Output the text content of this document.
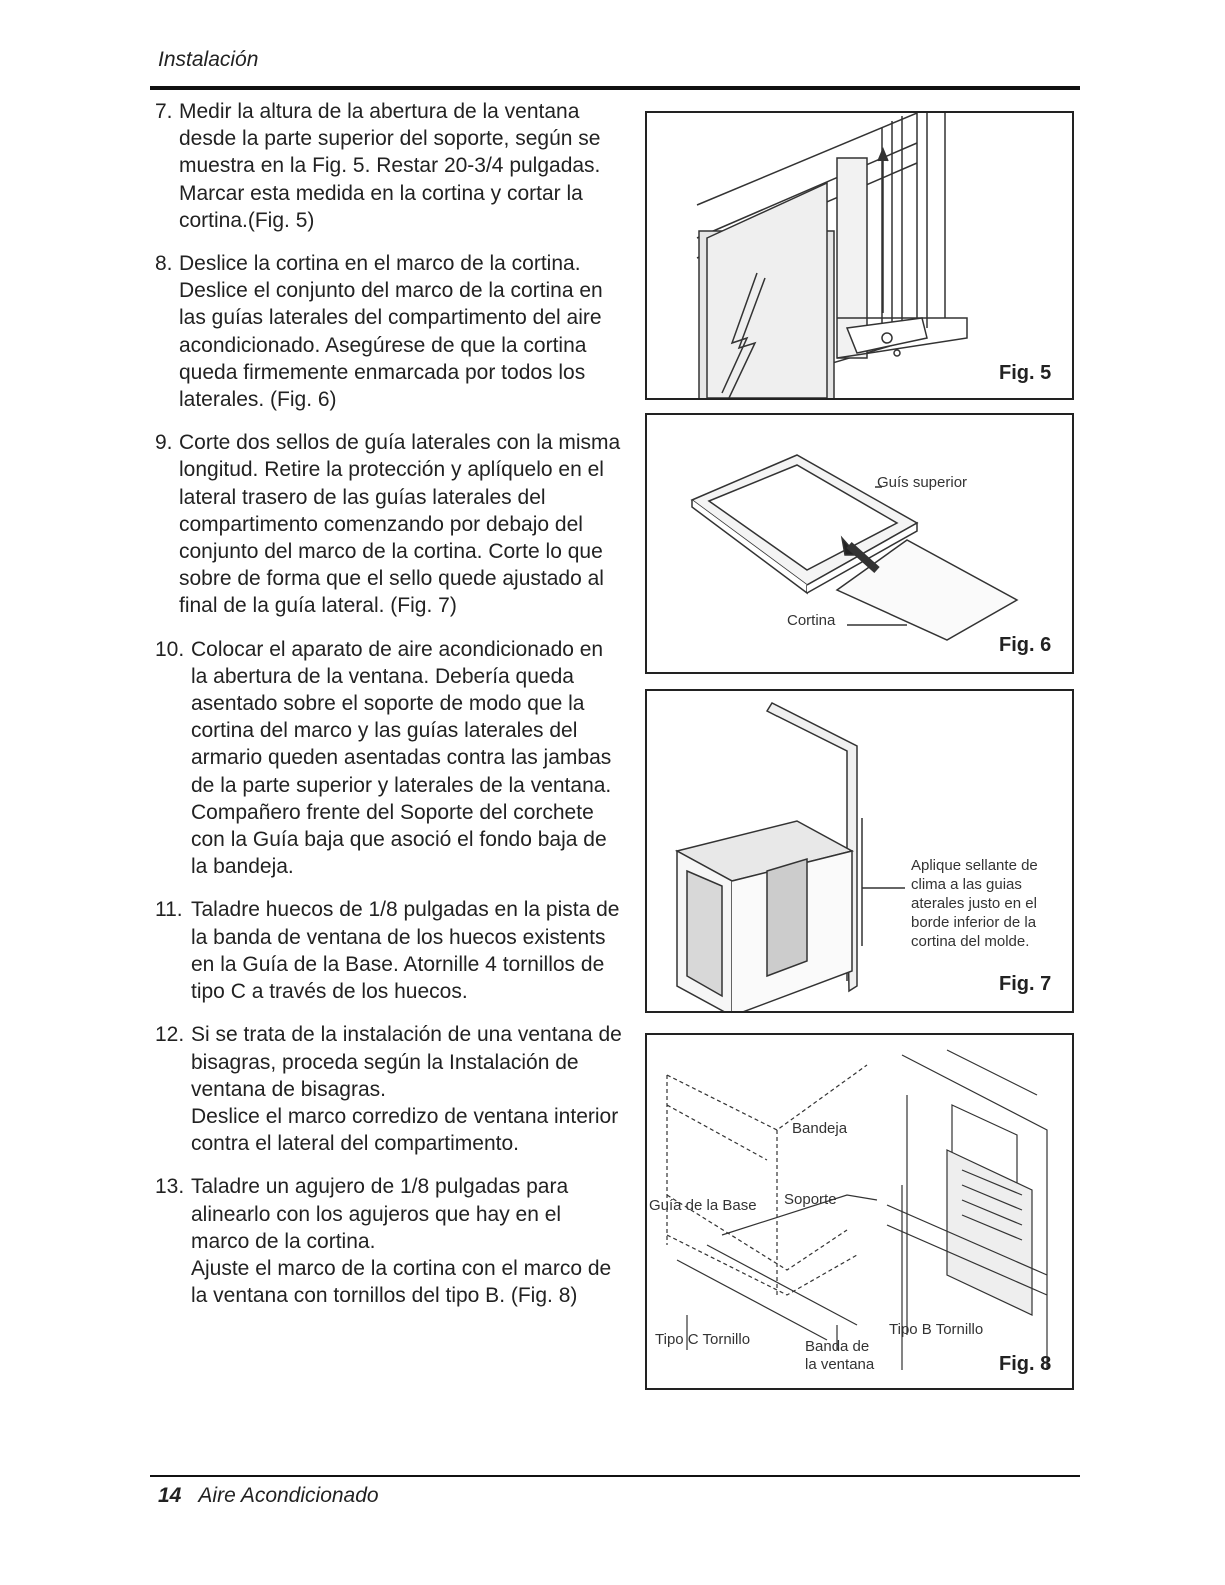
Instalación
7. Medir la altura de la abertura de la ventana desde la parte superior del soporte, según se muestra en la Fig. 5. Restar 20-3/4 pulgadas. Marcar esta medida en la cortina y cortar la cortina.(Fig. 5)
8. Deslice la cortina en el marco de la cortina. Deslice el conjunto del marco de la cortina en las guías laterales del compartimento del aire acondicionado. Asegúrese de que la cortina queda firmemente enmarcada por todos los laterales. (Fig. 6)
9. Corte dos sellos de guía laterales con la misma longitud. Retire la protección y aplíquelo en el lateral trasero de las guías laterales del compartimento comenzando por debajo del conjunto del marco de la cortina. Corte lo que sobre de forma que el sello quede ajustado al final de la guía lateral. (Fig. 7)
10. Colocar el aparato de aire acondicionado en la abertura de la ventana. Debería queda asentado sobre el soporte de modo que la cortina del marco y las guías laterales del armario queden asentadas contra las jambas de la parte superior y laterales de la ventana. Compañero frente del Soporte del corchete con la Guía baja que asoció el fondo baja de la bandeja.
11. Taladre huecos de 1/8 pulgadas en la pista de la banda de ventana de los huecos existents en la Guía de la Base. Atornille 4 tornillos de tipo C a través de los huecos.
12. Si se trata de la instalación de una ventana de bisagras, proceda según la Instalación de ventana de bisagras.
Deslice el marco corredizo de ventana interior contra el lateral del compartimento.
13. Taladre un agujero de 1/8 pulgadas para alinearlo con los agujeros que hay en el marco de la cortina.
Ajuste el marco de la cortina con el marco de la ventana con tornillos del tipo B. (Fig. 8)
Fig. 5
Guís superior
Cortina
Fig. 6
Aplique sellante de clima a las guias aterales justo en el borde inferior de la cortina del molde.
Fig. 7
Bandeja
Guía de la Base Soporte
Tipo C Tornillo	Banda de
la ventana
Tipo B Tornillo
Fig. 8
14 Aire Acondicionado
